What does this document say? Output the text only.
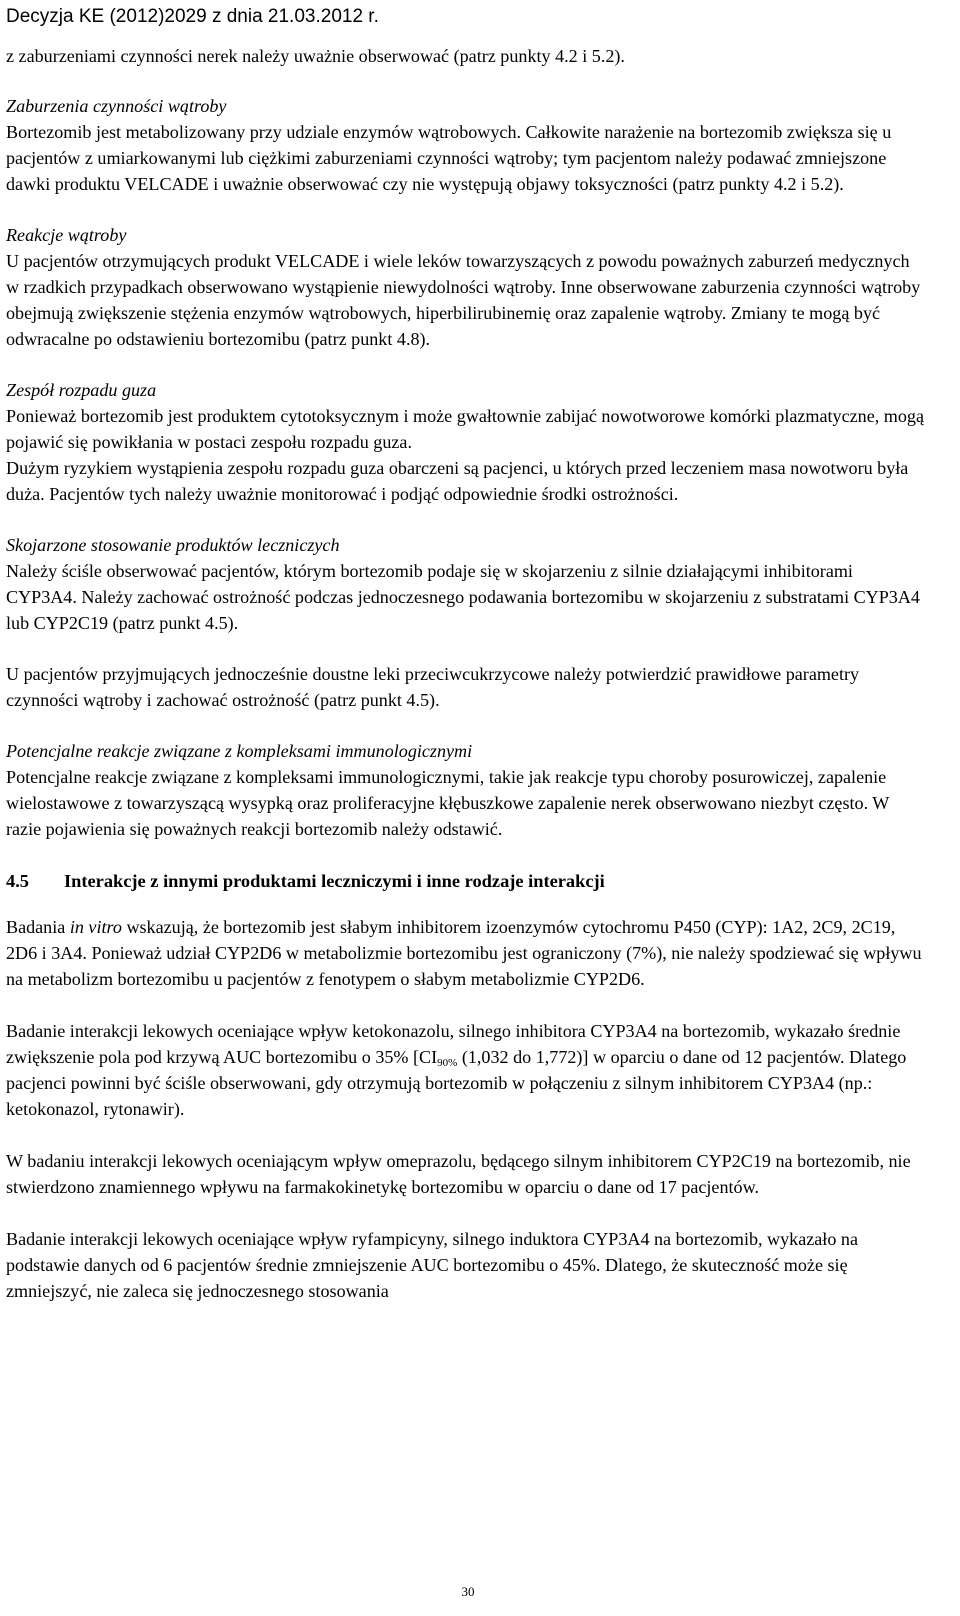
Decyzja KE (2012)2029 z dnia 21.03.2012 r.

z zaburzeniami czynności nerek należy uważnie obserwować (patrz punkty 4.2 i 5.2).

Zaburzenia czynności wątroby

Bortezomib jest metabolizowany przy udziale enzymów wątrobowych. Całkowite narażenie na bortezomib zwiększa się u pacjentów z umiarkowanymi lub ciężkimi zaburzeniami czynności wątroby; tym pacjentom należy podawać zmniejszone dawki produktu VELCADE i uważnie obserwować czy nie występują objawy toksyczności (patrz punkty 4.2 i 5.2).

Reakcje wątroby

U pacjentów otrzymujących produkt VELCADE i wiele leków towarzyszących z powodu poważnych zaburzeń medycznych w rzadkich przypadkach obserwowano wystąpienie niewydolności wątroby. Inne obserwowane zaburzenia czynności wątroby obejmują zwiększenie stężenia enzymów wątrobowych, hiperbilirubinemię oraz zapalenie wątroby. Zmiany te mogą być odwracalne po odstawieniu bortezomibu (patrz punkt 4.8).

Zespół rozpadu guza

Ponieważ bortezomib jest produktem cytotoksycznym i może gwałtownie zabijać nowotworowe komórki plazmatyczne, mogą pojawić się powikłania w postaci zespołu rozpadu guza.

Dużym ryzykiem wystąpienia zespołu rozpadu guza obarczeni są pacjenci, u których przed leczeniem masa nowotworu była duża. Pacjentów tych należy uważnie monitorować i podjąć odpowiednie środki ostrożności.

Skojarzone stosowanie produktów leczniczych

Należy ściśle obserwować pacjentów, którym bortezomib podaje się w skojarzeniu z silnie działającymi inhibitorami CYP3A4. Należy zachować ostrożność podczas jednoczesnego podawania bortezomibu w skojarzeniu z substratami CYP3A4 lub CYP2C19 (patrz punkt 4.5).

U pacjentów przyjmujących jednocześnie doustne leki przeciwcukrzycowe należy potwierdzić prawidłowe parametry czynności wątroby i zachować ostrożność (patrz punkt 4.5).

Potencjalne reakcje związane z kompleksami immunologicznymi

Potencjalne reakcje związane z kompleksami immunologicznymi, takie jak reakcje typu choroby posurowiczej, zapalenie wielostawowe z towarzyszącą wysypką oraz proliferacyjne kłębuszkowe zapalenie nerek obserwowano niezbyt często. W razie pojawienia się poważnych reakcji bortezomib należy odstawić.

4.5	Interakcje z innymi produktami leczniczymi i inne rodzaje interakcji

Badania in vitro wskazują, że bortezomib jest słabym inhibitorem izoenzymów cytochromu P450 (CYP): 1A2, 2C9, 2C19, 2D6 i 3A4. Ponieważ udział CYP2D6 w metabolizmie bortezomibu jest ograniczony (7%), nie należy spodziewać się wpływu na metabolizm bortezomibu u pacjentów z fenotypem o słabym metabolizmie CYP2D6.

Badanie interakcji lekowych oceniające wpływ ketokonazolu, silnego inhibitora CYP3A4 na bortezomib, wykazało średnie zwiększenie pola pod krzywą AUC bortezomibu o 35% [$CI_{90\%}$ (1,032 do 1,772)] w oparciu o dane od 12 pacjentów. Dlatego pacjenci powinni być ściśle obserwowani, gdy otrzymują bortezomib w połączeniu z silnym inhibitorem CYP3A4 (np.: ketokonazol, rytonawir).

W badaniu interakcji lekowych oceniającym wpływ omeprazolu, będącego silnym inhibitorem CYP2C19 na bortezomib, nie stwierdzono znamiennego wpływu na farmakokinetykę bortezomibu w oparciu o dane od 17 pacjentów.

Badanie interakcji lekowych oceniające wpływ ryfampicyny, silnego induktora CYP3A4 na bortezomib, wykazało na podstawie danych od 6 pacjentów średnie zmniejszenie AUC bortezomibu o 45%. Dlatego, że skuteczność może się zmniejszyć, nie zaleca się jednoczesnego stosowania

30
